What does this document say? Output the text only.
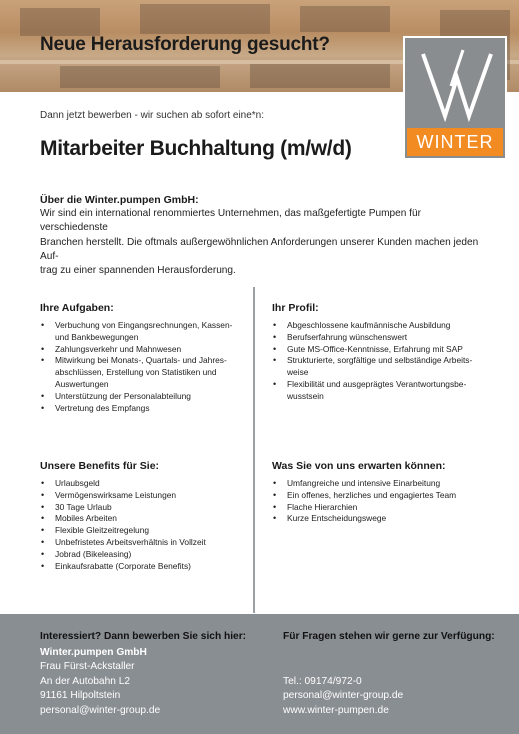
Neue Herausforderung gesucht?
WINTER
Dann jetzt bewerben - wir suchen ab sofort eine*n:
Mitarbeiter Buchhaltung (m/w/d)
Über die Winter.pumpen GmbH:
Wir sind ein international renommiertes Unternehmen, das maßgefertigte Pumpen für verschiedenste
Branchen herstellt. Die oftmals außergewöhnlichen Anforderungen unserer Kunden machen jeden Auf-
trag zu einer spannenden Herausforderung.
Ihre Aufgaben:
• Verbuchung von Eingangsrechnungen, Kassen- und Bankbewegungen
• Zahlungsverkehr und Mahnwesen
• Mitwirkung bei Monats-, Quartals- und Jahres-abschlüssen, Erstellung von Statistiken und Auswertungen
• Unterstützung der Personalabteilung
• Vertretung des Empfangs
Ihr Profil:
• Abgeschlossene kaufmännische Ausbildung
• Berufserfahrung wünschenswert
• Gute MS-Office-Kenntnisse, Erfahrung mit SAP
• Strukturierte, sorgfältige und selbständige Arbeits-weise
• Flexibilität und ausgeprägtes Verantwortungsbe-wusstsein
Unsere Benefits für Sie:
• Urlaubsgeld
• Vermögenswirksame Leistungen
• 30 Tage Urlaub
• Mobiles Arbeiten
• Flexible Gleitzeitregelung
• Unbefristetes Arbeitsverhältnis in Vollzeit
• Jobrad (Bikeleasing)
• Einkaufsrabatte (Corporate Benefits)
Was Sie von uns erwarten können:
• Umfangreiche und intensive Einarbeitung
• Ein offenes, herzliches und engagiertes Team
• Flache Hierarchien
• Kurze Entscheidungswege
Interessiert? Dann bewerben Sie sich hier:
Winter.pumpen GmbH
Frau Fürst-Ackstaller
An der Autobahn L2
91161 Hilpoltstein
personal@winter-group.de
Für Fragen stehen wir gerne zur Verfügung:
Tel.: 09174/972-0
personal@winter-group.de
www.winter-pumpen.de
